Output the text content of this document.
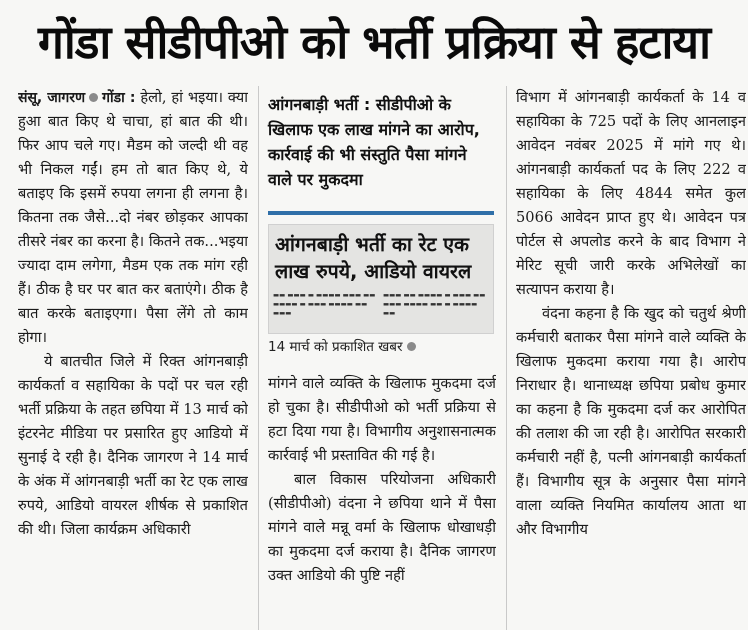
गोंडा सीडीपीओ को भर्ती प्रक्रिया से हटाया

संसू, जागरण गोंडा : हेलो, हां भइया। क्या हुआ बात किए थे चाचा, हां बात की थी। फिर आप चले गए। मैडम को जल्दी थी वह भी निकल गईं। हम तो बात किए थे, ये बताइए कि इसमें रुपया लगना ही लगना है। कितना तक जैसे...दो नंबर छोड़कर आपका तीसरे नंबर का करना है। कितने तक...भइया ज्यादा दाम लगेगा, मैडम एक तक मांग रही हैं। ठीक है घर पर बात कर बताएंगे। ठीक है बात करके बताइएगा। पैसा लेंगे तो काम होगा।

ये बातचीत जिले में रिक्त आंगनबाड़ी कार्यकर्ता व सहायिका के पदों पर चल रही भर्ती प्रक्रिया के तहत छपिया में 13 मार्च को इंटरनेट मीडिया पर प्रसारित हुए आडियो में सुनाई दे रही है। दैनिक जागरण ने 14 मार्च के अंक में आंगनबाड़ी भर्ती का रेट एक लाख रुपये, आडियो वायरल शीर्षक से प्रकाशित की थी। जिला कार्यक्रम अधिकारी

आंगनबाड़ी भर्ती : सीडीपीओ के खिलाफ एक लाख मांगने का आरोप, कार्रवाई की भी संस्तुति पैसा मांगने वाले पर मुकदमा
आंगनबाड़ी भर्ती का रेट एक लाख रुपये, आडियो वायरल
▬▬ ▬▬▬ ▬ ▬▬▬▬ ▬▬▬ ▬▬ ▬▬▬▬ ▬ ▬▬▬ ▬▬▬▬ ▬▬ ▬▬▬
▬▬▬ ▬▬ ▬▬▬▬ ▬ ▬▬▬ ▬▬ ▬▬▬ ▬▬▬▬ ▬▬ ▬ ▬▬▬▬ ▬▬
14 मार्च को प्रकाशित खबर

मांगने वाले व्यक्ति के खिलाफ मुकदमा दर्ज हो चुका है। सीडीपीओ को भर्ती प्रक्रिया से हटा दिया गया है। विभागीय अनुशासनात्मक कार्रवाई भी प्रस्तावित की गई है।

बाल विकास परियोजना अधिकारी (सीडीपीओ) वंदना ने छपिया थाने में पैसा मांगने वाले मन्नू वर्मा के खिलाफ धोखाधड़ी का मुकदमा दर्ज कराया है। दैनिक जागरण उक्त आडियो की पुष्टि नहीं

विभाग में आंगनबाड़ी कार्यकर्ता के 14 व सहायिका के 725 पदों के लिए आनलाइन आवेदन नवंबर 2025 में मांगे गए थे। आंगनबाड़ी कार्यकर्ता पद के लिए 222 व सहायिका के लिए 4844 समेत कुल 5066 आवेदन प्राप्त हुए थे। आवेदन पत्र पोर्टल से अपलोड करने के बाद विभाग ने मेरिट सूची जारी करके अभिलेखों का सत्यापन कराया है।

वंदना कहना है कि खुद को चतुर्थ श्रेणी कर्मचारी बताकर पैसा मांगने वाले व्यक्ति के खिलाफ मुकदमा कराया गया है। आरोप निराधार है। थानाध्यक्ष छपिया प्रबोध कुमार का कहना है कि मुकदमा दर्ज कर आरोपित की तलाश की जा रही है। आरोपित सरकारी कर्मचारी नहीं है, पत्नी आंगनबाड़ी कार्यकर्ता हैं। विभागीय सूत्र के अनुसार पैसा मांगने वाला व्यक्ति नियमित कार्यालय आता था और विभागीय
